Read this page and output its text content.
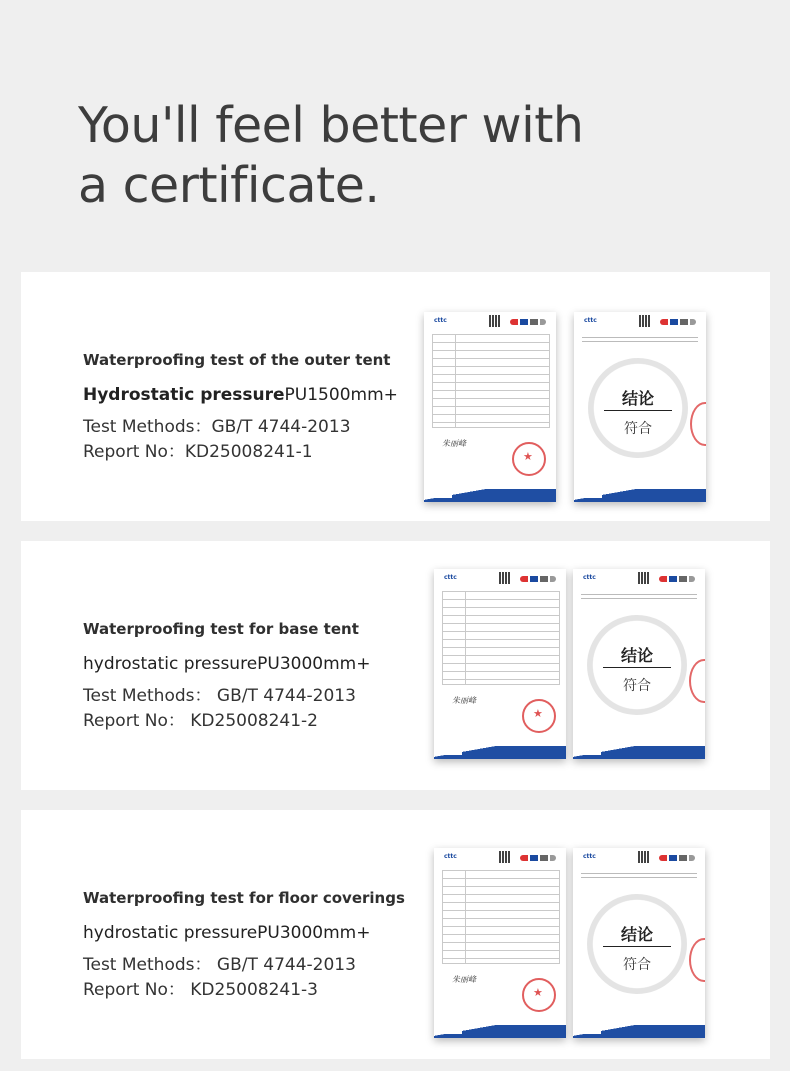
You'll feel better with
a certificate.
Waterproofing test of the outer tent
Hydrostatic pressurePU1500mm+
Test Methods：GB/T 4744-2013
Report No：KD25008241-1
cttc
朱丽峰
★
cttc
结论
符合
Waterproofing test for base tent
hydrostatic pressurePU3000mm+
Test Methods： GB/T 4744-2013
Report No： KD25008241-2
cttc
朱丽峰
★
cttc
结论
符合
Waterproofing test for floor coverings
hydrostatic pressurePU3000mm+
Test Methods： GB/T 4744-2013
Report No： KD25008241-3
cttc
朱丽峰
★
cttc
结论
符合
